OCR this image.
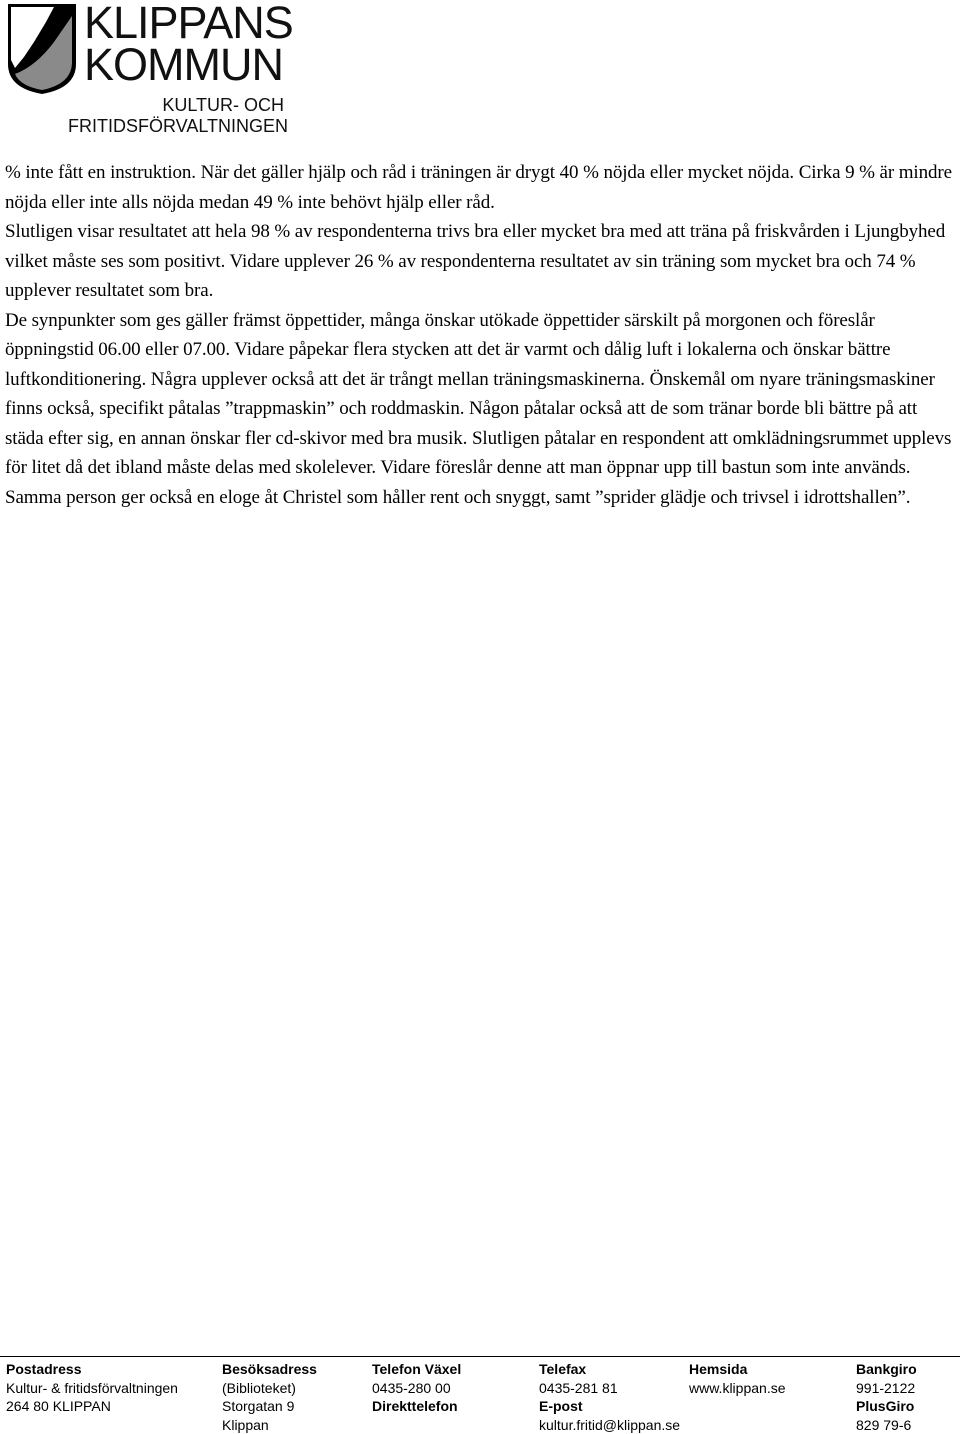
KLIPPANS
KOMMUN
KULTUR- OCH
FRITIDSFÖRVALTNINGEN

% inte fått en instruktion. När det gäller hjälp och råd i träningen är drygt 40 % nöjda eller mycket nöjda. Cirka 9 % är mindre nöjda eller inte alls nöjda medan 49 % inte behövt hjälp eller råd.

Slutligen visar resultatet att hela 98 % av respondenterna trivs bra eller mycket bra med att träna på friskvården i Ljungbyhed vilket måste ses som positivt. Vidare upplever 26 % av respondenterna resultatet av sin träning som mycket bra och 74 % upplever resultatet som bra.

De synpunkter som ges gäller främst öppettider, många önskar utökade öppettider särskilt på morgonen och föreslår öppningstid 06.00 eller 07.00. Vidare påpekar flera stycken att det är varmt och dålig luft i lokalerna och önskar bättre luftkonditionering. Några upplever också att det är trångt mellan träningsmaskinerna. Önskemål om nyare träningsmaskiner finns också, specifikt påtalas ”trappmaskin” och roddmaskin. Någon påtalar också att de som tränar borde bli bättre på att städa efter sig, en annan önskar fler cd-skivor med bra musik. Slutligen påtalar en respondent att omklädningsrummet upplevs för litet då det ibland måste delas med skolelever. Vidare föreslår denne att man öppnar upp till bastun som inte används. Samma person ger också en eloge åt Christel som håller rent och snyggt, samt ”sprider glädje och trivsel i idrottshallen”.

Postadress
Kultur- & fritidsförvaltningen
264 80 KLIPPAN
Besöksadress
(Biblioteket)
Storgatan 9
Klippan
Telefon Växel
0435-280 00
Direkttelefon
Telefax
0435-281 81
E-post
kultur.fritid@klippan.se
Hemsida
www.klippan.se
Bankgiro
991-2122
PlusGiro
829 79-6
